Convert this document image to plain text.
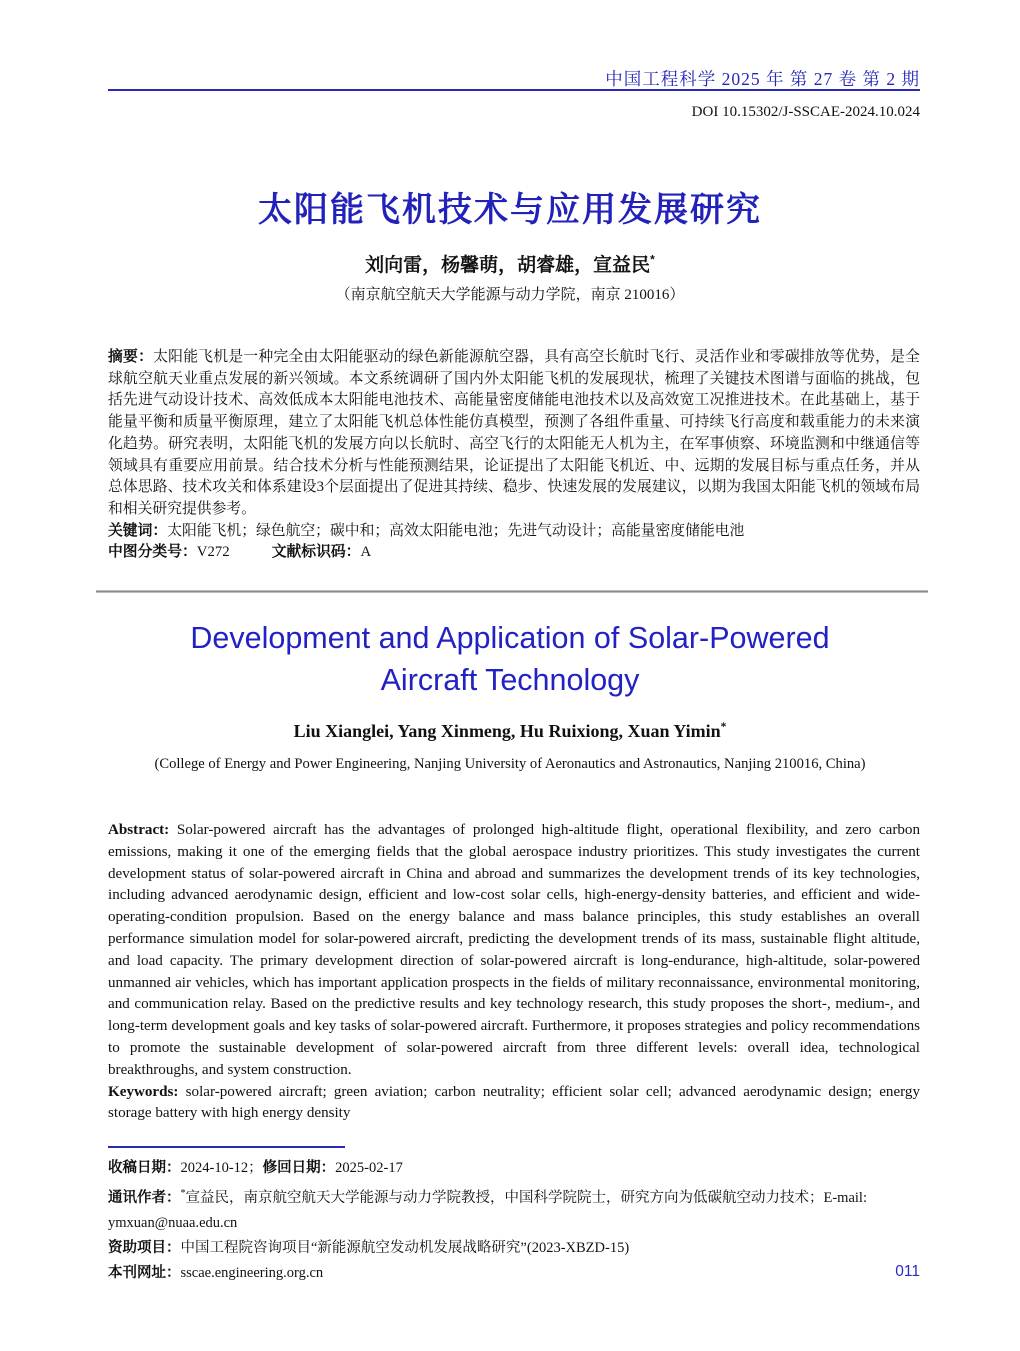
中国工程科学 2025 年 第 27 卷 第 2 期
DOI 10.15302/J-SSCAE-2024.10.024
太阳能飞机技术与应用发展研究
刘向雷，杨馨萌，胡睿雄，宣益民*
（南京航空航天大学能源与动力学院，南京 210016）

摘要：太阳能飞机是一种完全由太阳能驱动的绿色新能源航空器，具有高空长航时飞行、灵活作业和零碳排放等优势，是全球航空航天业重点发展的新兴领域。本文系统调研了国内外太阳能飞机的发展现状，梳理了关键技术图谱与面临的挑战，包括先进气动设计技术、高效低成本太阳能电池技术、高能量密度储能电池技术以及高效宽工况推进技术。在此基础上，基于能量平衡和质量平衡原理，建立了太阳能飞机总体性能仿真模型，预测了各组件重量、可持续飞行高度和载重能力的未来演化趋势。研究表明，太阳能飞机的发展方向以长航时、高空飞行的太阳能无人机为主，在军事侦察、环境监测和中继通信等领域具有重要应用前景。结合技术分析与性能预测结果，论证提出了太阳能飞机近、中、远期的发展目标与重点任务，并从总体思路、技术攻关和体系建设3个层面提出了促进其持续、稳步、快速发展的发展建议，以期为我国太阳能飞机的领域布局和相关研究提供参考。

关键词：太阳能飞机；绿色航空；碳中和；高效太阳能电池；先进气动设计；高能量密度储能电池

中图分类号：V272	文献标识码：A

Development and Application of Solar-Powered
Aircraft Technology
Liu Xianglei, Yang Xinmeng, Hu Ruixiong, Xuan Yimin*
(College of Energy and Power Engineering, Nanjing University of Aeronautics and Astronautics, Nanjing 210016, China)

Abstract: Solar-powered aircraft has the advantages of prolonged high-altitude flight, operational flexibility, and zero carbon emissions, making it one of the emerging fields that the global aerospace industry prioritizes. This study investigates the current development status of solar-powered aircraft in China and abroad and summarizes the development trends of its key technologies, including advanced aerodynamic design, efficient and low-cost solar cells, high-energy-density batteries, and efficient and wide-operating-condition propulsion. Based on the energy balance and mass balance principles, this study establishes an overall performance simulation model for solar-powered aircraft, predicting the development trends of its mass, sustainable flight altitude, and load capacity. The primary development direction of solar-powered aircraft is long-endurance, high-altitude, solar-powered unmanned air vehicles, which has important application prospects in the fields of military reconnaissance, environmental monitoring, and communication relay. Based on the predictive results and key technology research, this study proposes the short-, medium-, and long-term development goals and key tasks of solar-powered aircraft. Furthermore, it proposes strategies and policy recommendations to promote the sustainable development of solar-powered aircraft from three different levels: overall idea, technological breakthroughs, and system construction.

Keywords: solar-powered aircraft; green aviation; carbon neutrality; efficient solar cell; advanced aerodynamic design; energy storage battery with high energy density

收稿日期：2024-10-12；修回日期：2025-02-17
通讯作者：*宣益民，南京航空航天大学能源与动力学院教授，中国科学院院士，研究方向为低碳航空动力技术；E-mail: ymxuan@nuaa.edu.cn
资助项目：中国工程院咨询项目“新能源航空发动机发展战略研究”(2023-XBZD-15)
本刊网址：sscae.engineering.org.cn	011
